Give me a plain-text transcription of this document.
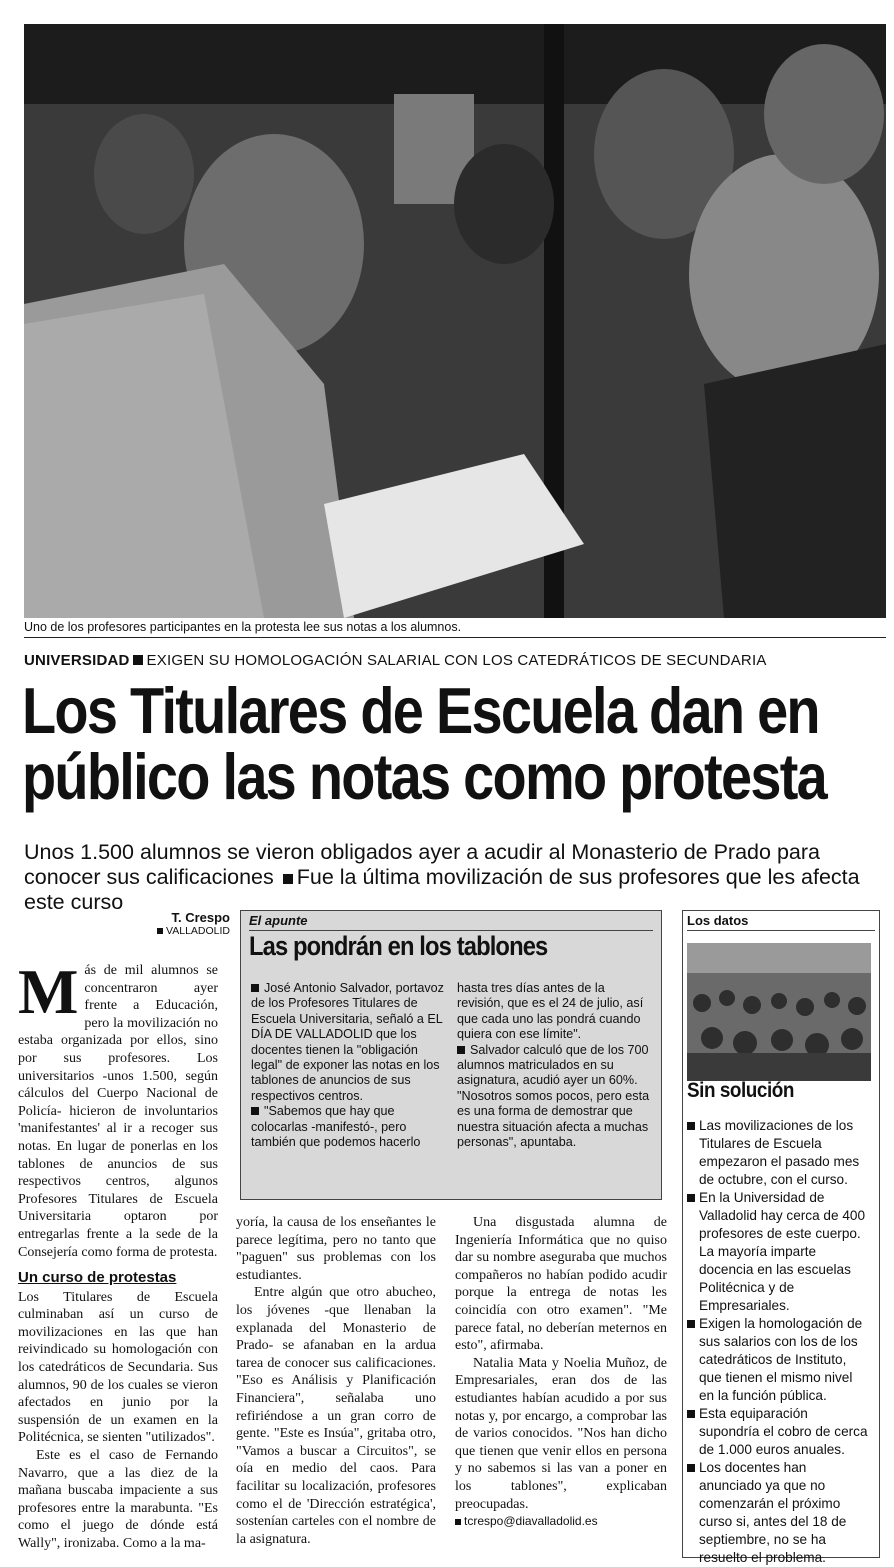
Uno de los profesores participantes en la protesta lee sus notas a los alumnos.
UNIVERSIDAD EXIGEN SU HOMOLOGACIÓN SALARIAL CON LOS CATEDRÁTICOS DE SECUNDARIA
Los Titulares de Escuela dan en
público las notas como protesta
Unos 1.500 alumnos se vieron obligados ayer a acudir al Monasterio de Prado para conocer sus calificaciones Fue la última movilización de sus profesores que les afecta este curso
T. Crespo
VALLADOLID

Más de mil alumnos se concentraron ayer frente a Educación, pero la movilización no estaba organizada por ellos, sino por sus profesores. Los universitarios -unos 1.500, según cálculos del Cuerpo Nacional de Policía- hicieron de involuntarios 'manifestantes' al ir a recoger sus notas. En lugar de ponerlas en los tablones de anuncios de sus respectivos centros, algunos Profesores Titulares de Escuela Universitaria optaron por entregarlas frente a la sede de la Consejería como forma de protesta.

Un curso de protestas

Los Titulares de Escuela culminaban así un curso de movilizaciones en las que han reivindicado su homologación con los catedráticos de Secundaria. Sus alumnos, 90 de los cuales se vieron afectados en junio por la suspensión de un examen en la Politécnica, se sienten "utilizados".

Este es el caso de Fernando Navarro, que a las diez de la mañana buscaba impaciente a sus profesores entre la marabunta. "Es como el juego de dónde está Wally", ironizaba. Como a la ma-

yoría, la causa de los enseñantes le parece legítima, pero no tanto que "paguen" sus problemas con los estudiantes.

Entre algún que otro abucheo, los jóvenes -que llenaban la explanada del Monasterio de Prado- se afanaban en la ardua tarea de conocer sus calificaciones. "Eso es Análisis y Planificación Financiera", señalaba uno refiriéndose a un gran corro de gente. "Este es Insúa", gritaba otro, "Vamos a buscar a Circuitos", se oía en medio del caos. Para facilitar su localización, profesores como el de 'Dirección estratégica', sostenían carteles con el nombre de la asignatura.

Una disgustada alumna de Ingeniería Informática que no quiso dar su nombre aseguraba que muchos compañeros no habían podido acudir porque la entrega de notas les coincidía con otro examen". "Me parece fatal, no deberían meternos en esto", afirmaba.

Natalia Mata y Noelia Muñoz, de Empresariales, eran dos de las estudiantes habían acudido a por sus notas y, por encargo, a comprobar las de varios conocidos. "Nos han dicho que tienen que venir ellos en persona y no sabemos si las van a poner en los tablones", explicaban preocupadas.

tcrespo@diavalladolid.es

El apunte
Las pondrán en los tablones
José Antonio Salvador, portavoz de los Profesores Titulares de Escuela Universitaria, señaló a EL DÍA DE VALLADOLID que los docentes tienen la "obligación legal" de exponer las notas en los tablones de anuncios de sus respectivos centros.
"Sabemos que hay que colocarlas -manifestó-, pero también que podemos hacerlo
hasta tres días antes de la revisión, que es el 24 de julio, así que cada uno las pondrá cuando quiera con ese límite".
Salvador calculó que de los 700 alumnos matriculados en su asignatura, acudió ayer un 60%. "Nosotros somos pocos, pero esta es una forma de demostrar que nuestra situación afecta a muchas personas", apuntaba.
Los datos
Sin solución
Las movilizaciones de los Titulares de Escuela empezaron el pasado mes de octubre, con el curso.
En la Universidad de Valladolid hay cerca de 400 profesores de este cuerpo. La mayoría imparte docencia en las escuelas Politécnica y de Empresariales.
Exigen la homologación de sus salarios con los de los catedráticos de Instituto, que tienen el mismo nivel en la función pública.
Esta equiparación supondría el cobro de cerca de 1.000 euros anuales.
Los docentes han anunciado ya que no comenzarán el próximo curso si, antes del 18 de septiembre, no se ha resuelto el problema.
